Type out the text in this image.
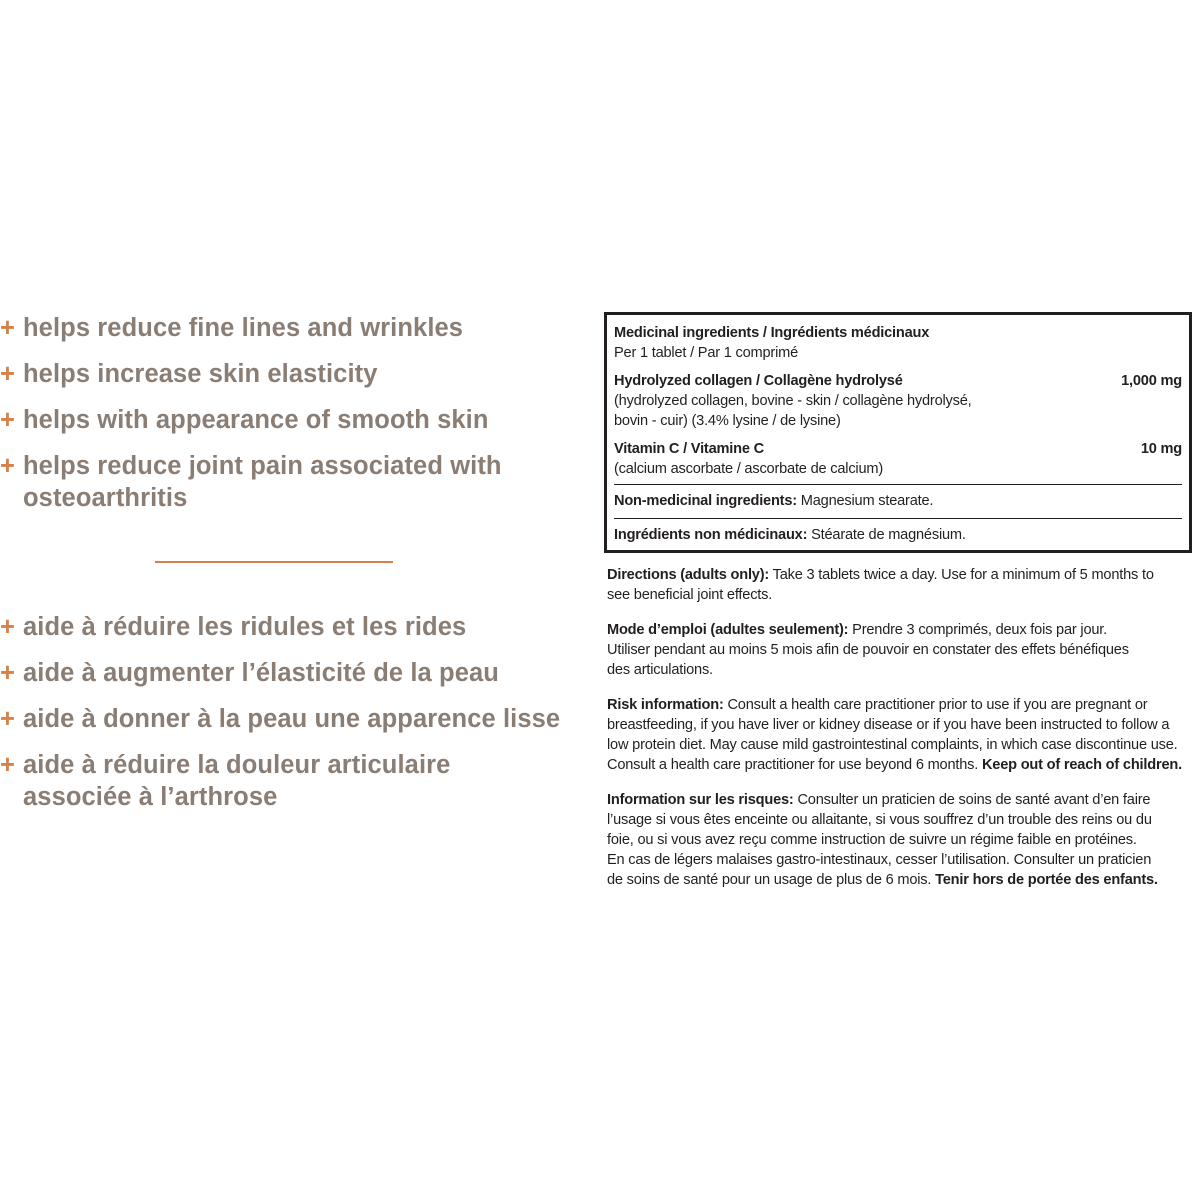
+ helps reduce fine lines and wrinkles
+ helps increase skin elasticity
+ helps with appearance of smooth skin
+ helps reduce joint pain associated with
osteoarthritis
+ aide à réduire les ridules et les rides
+ aide à augmenter l’élasticité de la peau
+ aide à donner à la peau une apparence lisse
+ aide à réduire la douleur articulaire
associée à l’arthrose
Medicinal ingredients / Ingrédients médicinaux
Per 1 tablet / Par 1 comprimé
Hydrolyzed collagen / Collagène hydrolysé	1,000 mg
(hydrolyzed collagen, bovine - skin / collagène hydrolysé,
bovin - cuir) (3.4% lysine / de lysine)
Vitamin C / Vitamine C	10 mg
(calcium ascorbate / ascorbate de calcium)
Non-medicinal ingredients: Magnesium stearate.
Ingrédients non médicinaux: Stéarate de magnésium.
Directions (adults only): Take 3 tablets twice a day. Use for a minimum of 5 months to
see beneficial joint effects.
Mode d’emploi (adultes seulement): Prendre 3 comprimés, deux fois par jour.
Utiliser pendant au moins 5 mois afin de pouvoir en constater des effets bénéfiques
des articulations.
Risk information: Consult a health care practitioner prior to use if you are pregnant or
breastfeeding, if you have liver or kidney disease or if you have been instructed to follow a
low protein diet. May cause mild gastrointestinal complaints, in which case discontinue use.
Consult a health care practitioner for use beyond 6 months. Keep out of reach of children.
Information sur les risques: Consulter un praticien de soins de santé avant d’en faire
l’usage si vous êtes enceinte ou allaitante, si vous souffrez d’un trouble des reins ou du
foie, ou si vous avez reçu comme instruction de suivre un régime faible en protéines.
En cas de légers malaises gastro-intestinaux, cesser l’utilisation. Consulter un praticien
de soins de santé pour un usage de plus de 6 mois. Tenir hors de portée des enfants.
